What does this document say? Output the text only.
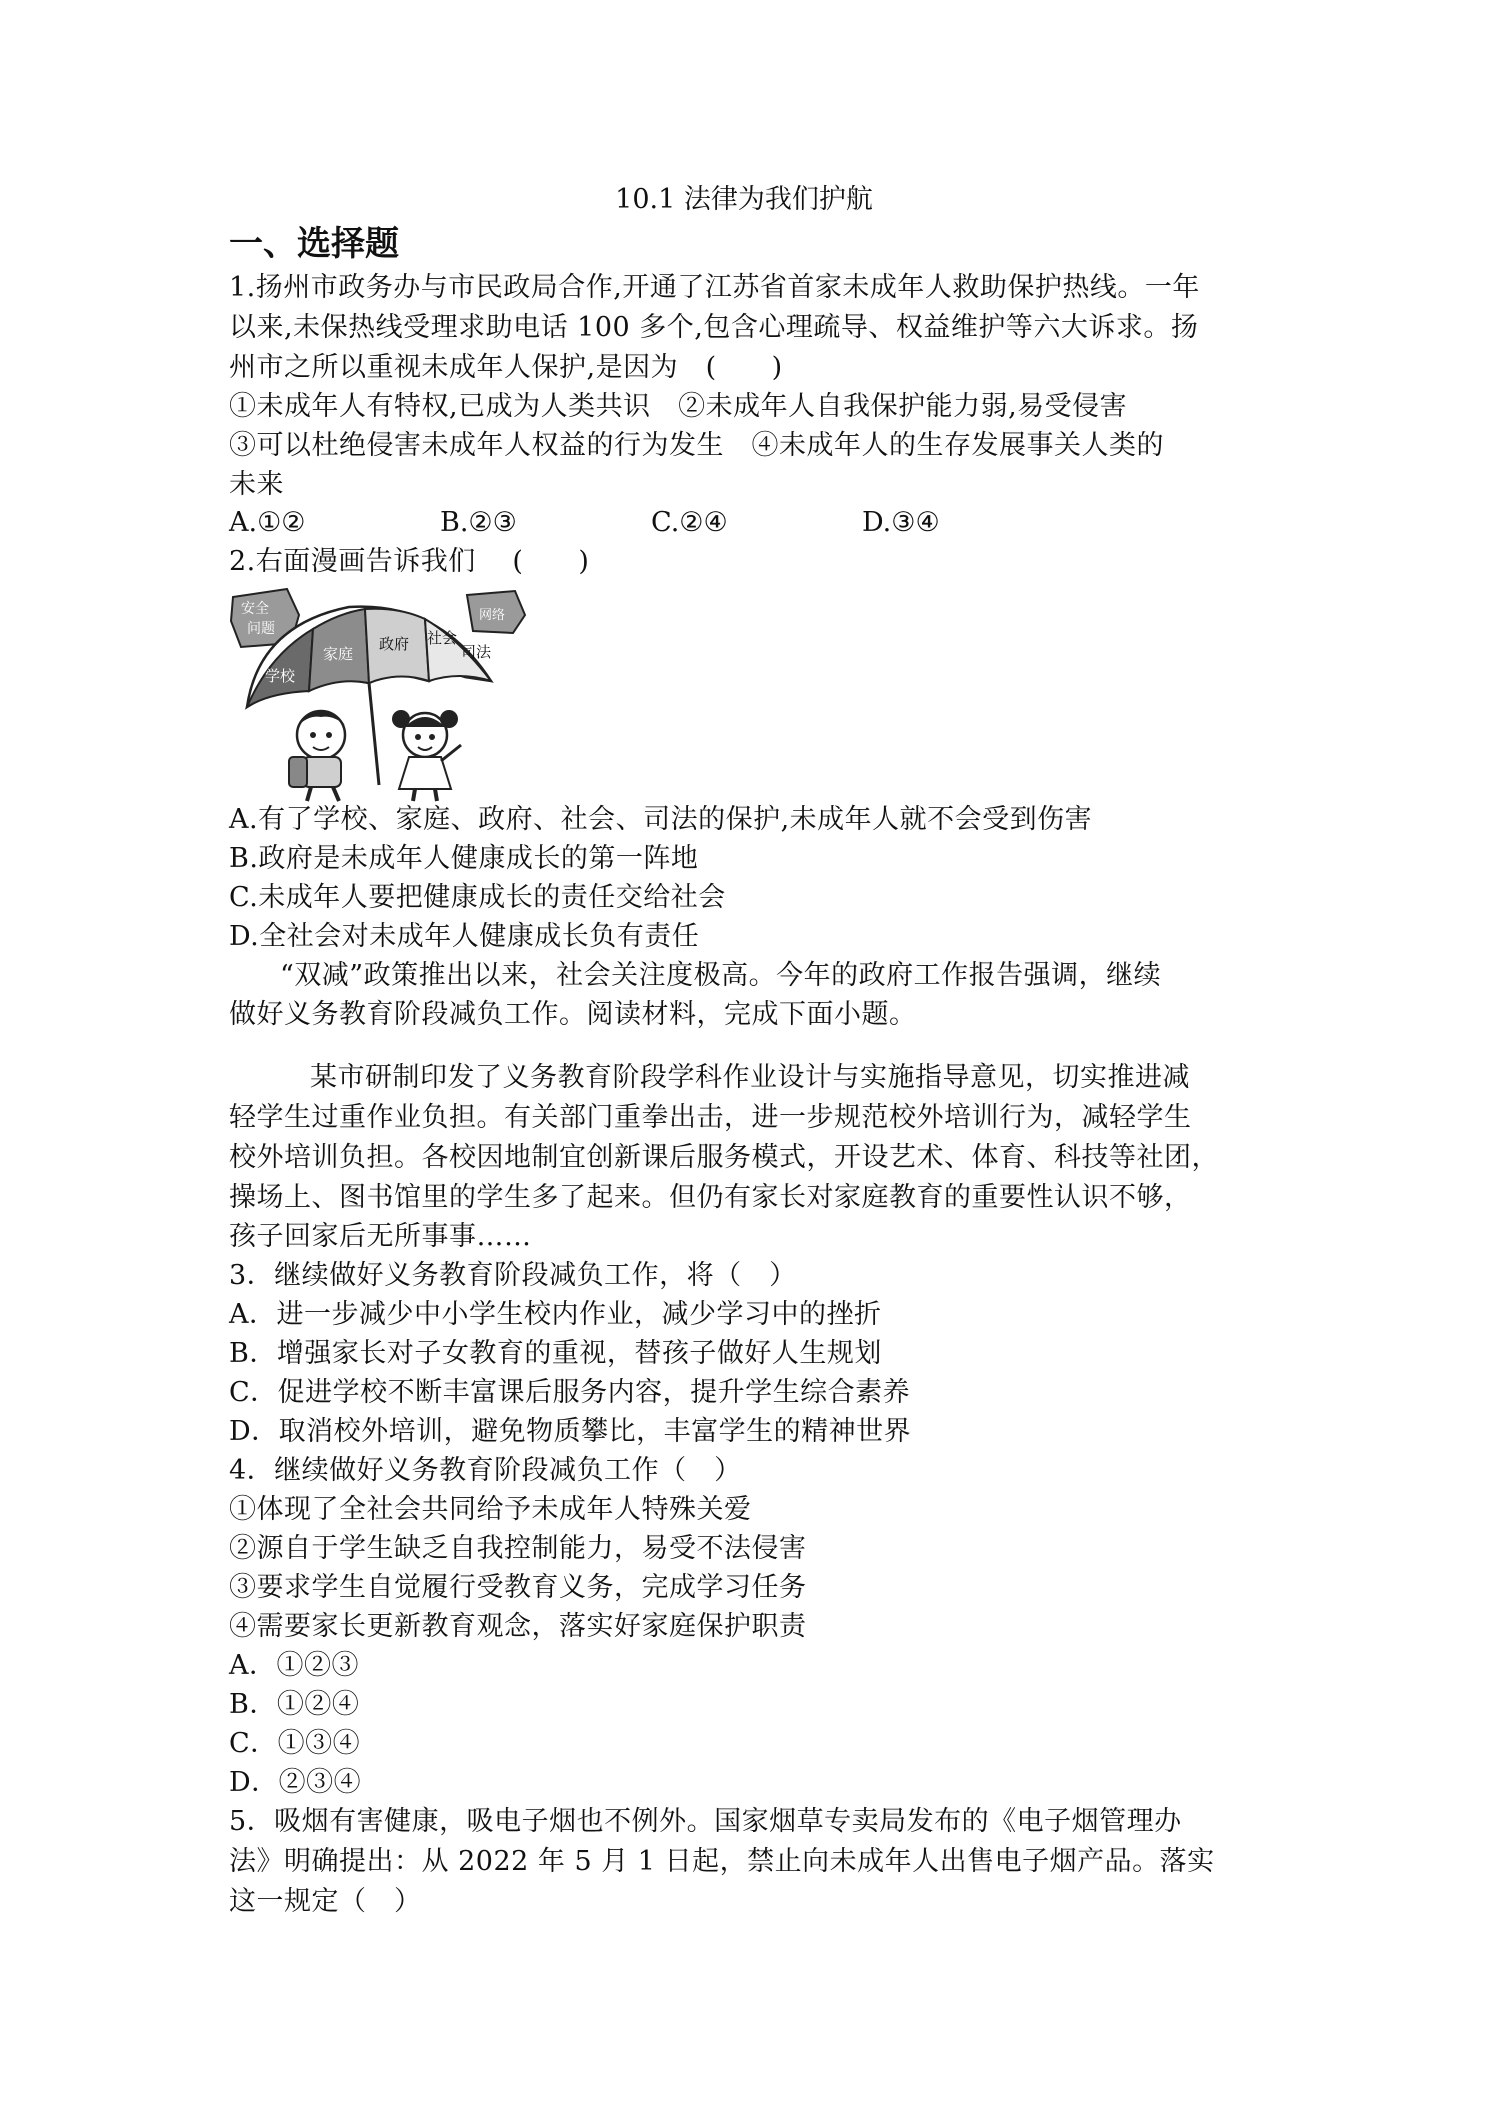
10.1 法律为我们护航
一、选择题
1.扬州市政务办与市民政局合作,开通了江苏省首家未成年人救助保护热线。一年
以来,未保热线受理求助电话 100 多个,包含心理疏导、权益维护等六大诉求。扬
州市之所以重视未成年人保护,是因为　(　　)
①未成年人有特权,已成为人类共识　②未成年人自我保护能力弱,易受侵害
③可以杜绝侵害未成年人权益的行为发生　④未成年人的生存发展事关人类的
未来
A.①②	B.②③	C.②④	D.③④
2.右面漫画告诉我们　 (　　)
安全
问题
网络
学校
家庭
政府 社会
司法
A.有了学校、家庭、政府、社会、司法的保护,未成年人就不会受到伤害
B.政府是未成年人健康成长的第一阵地
C.未成年人要把健康成长的责任交给社会
D.全社会对未成年人健康成长负有责任
“双减”政策推出以来，社会关注度极高。今年的政府工作报告强调，继续
做好义务教育阶段减负工作。阅读材料，完成下面小题。
某市研制印发了义务教育阶段学科作业设计与实施指导意见，切实推进减
轻学生过重作业负担。有关部门重拳出击，进一步规范校外培训行为，减轻学生
校外培训负担。各校因地制宜创新课后服务模式，开设艺术、体育、科技等社团，
操场上、图书馆里的学生多了起来。但仍有家长对家庭教育的重要性认识不够，
孩子回家后无所事事……
3．继续做好义务教育阶段减负工作，将（　）
A．进一步减少中小学生校内作业，减少学习中的挫折
B．增强家长对子女教育的重视，替孩子做好人生规划
C．促进学校不断丰富课后服务内容，提升学生综合素养
D．取消校外培训，避免物质攀比，丰富学生的精神世界
4．继续做好义务教育阶段减负工作（　）
①体现了全社会共同给予未成年人特殊关爱
②源自于学生缺乏自我控制能力，易受不法侵害
③要求学生自觉履行受教育义务，完成学习任务
④需要家长更新教育观念，落实好家庭保护职责
A．①②③
B．①②④
C．①③④
D．②③④
5．吸烟有害健康，吸电子烟也不例外。国家烟草专卖局发布的《电子烟管理办
法》明确提出：从 2022 年 5 月 1 日起，禁止向未成年人出售电子烟产品。落实
这一规定（　）
